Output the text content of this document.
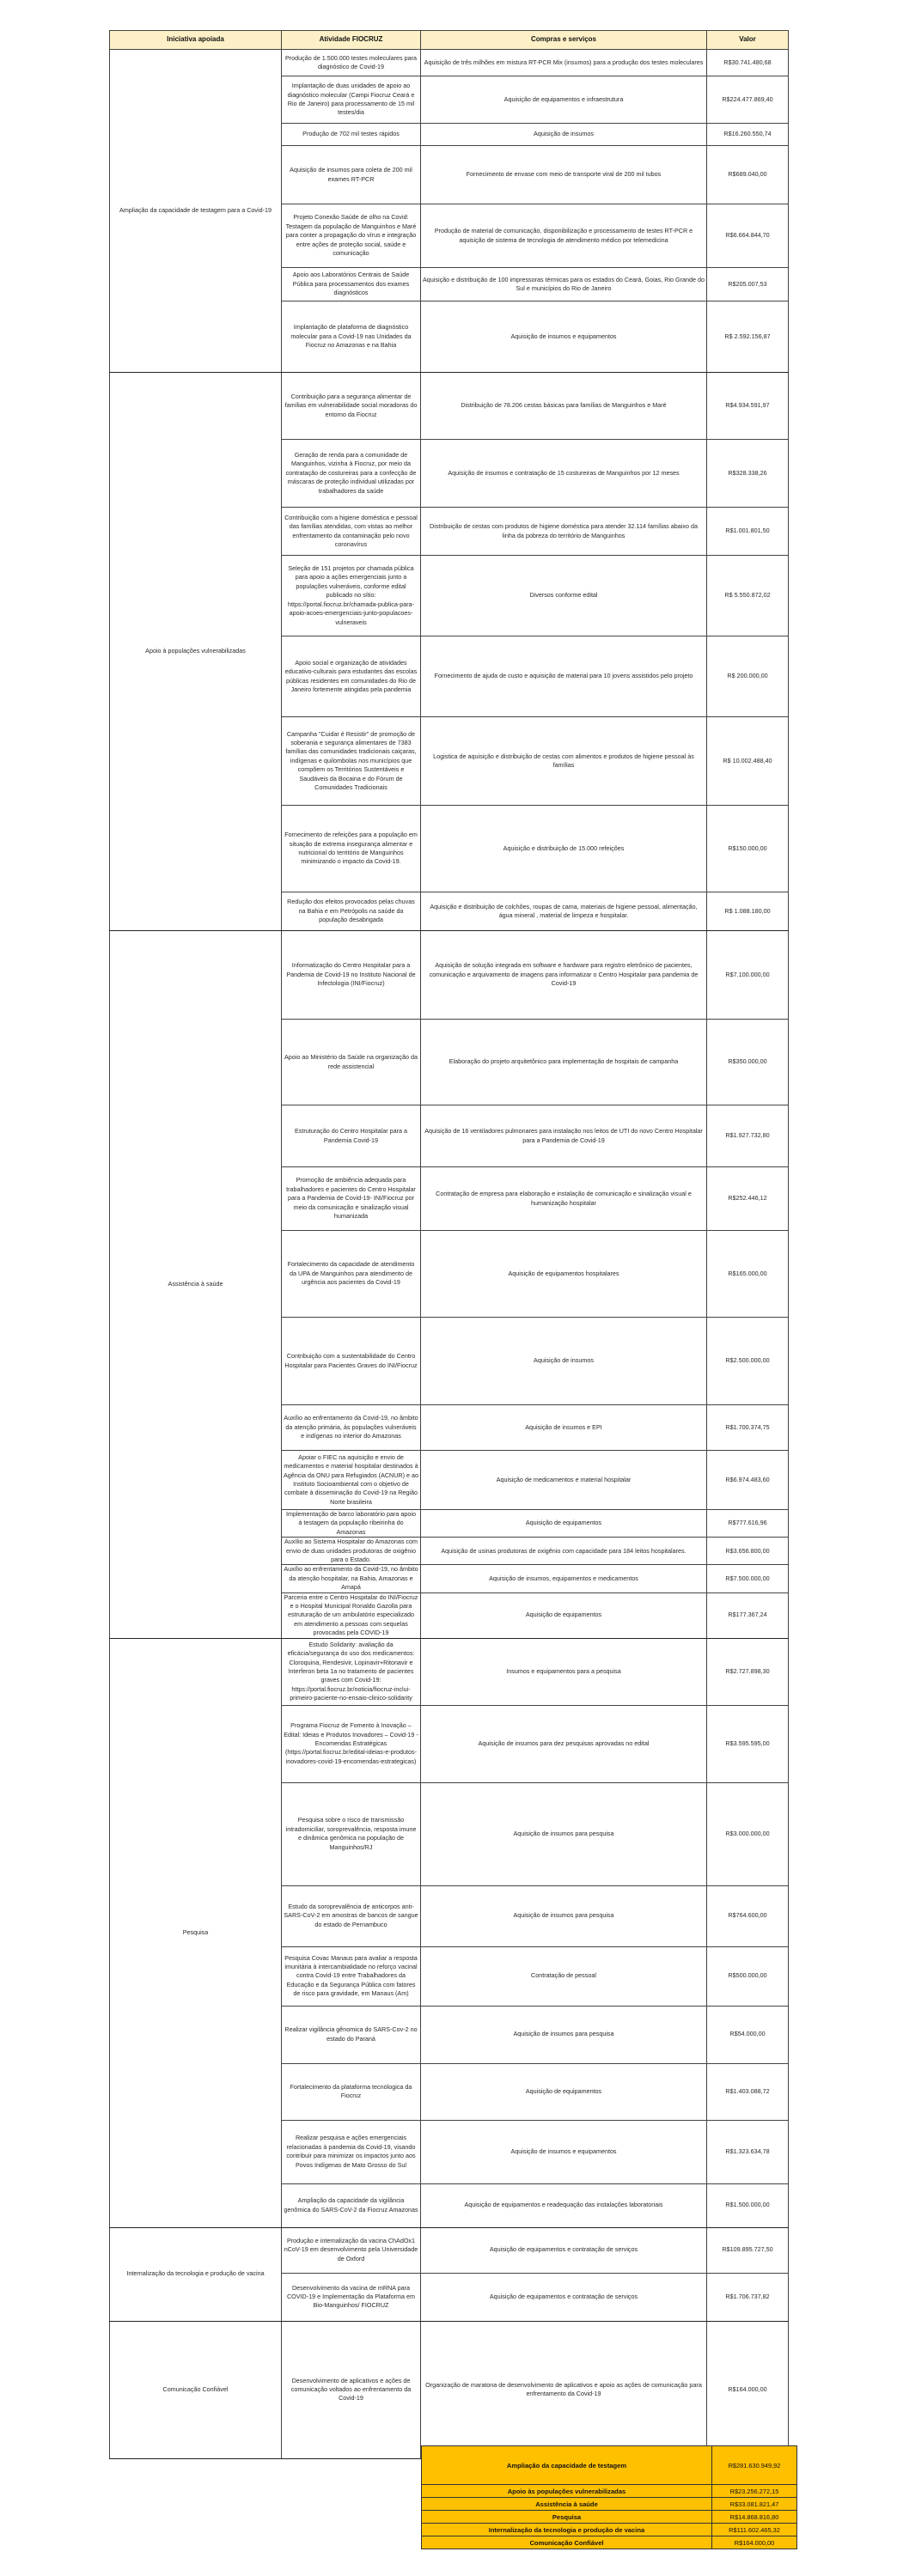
Iniciativa apoiada	Atividade FIOCRUZ	Compras e serviços	Valor
Ampliação da capacidade de testagem para a Covid-19	Produção de 1.500.000 testes moleculares para diagnóstico de Covid-19	Aquisição de três milhões em mistura RT-PCR Mix (insumos) para a produção dos testes moleculares	R$30.741.480,68
	Implantação de duas unidades de apoio ao diagnóstico molecular (Campi Fiocruz Ceará e Rio de Janeiro) para processamento de 15 mil testes/dia	Aquisição de equipamentos e infraestrutura	R$224.477.869,40
	Produção de 702 mil testes rápidos	Aquisição de insumos	R$16.260.550,74
	Aquisição de insumos para coleta de 200 mil exames RT-PCR	Fornecimento de envase com meio de transporte viral de 200 mil tubos	R$689.040,00
	Projeto Conexão Saúde de olho na Covid: Testagem da população de Manguinhos e Maré para conter a propagação do vírus e integração entre ações de proteção social, saúde e comunicação	Produção de material de comunicação, disponibilização e processamento de testes RT-PCR e aquisição de sistema de tecnologia de atendimento médico por telemedicina	R$6.664.844,70
	Apoio aos Laboratórios Centrais de Saúde Pública para processamentos dos exames diagnósticos	Aquisição e distribuição de 100 impressoras térmicas para os estados do Ceará, Goias, Rio Grande do Sul e municípios do Rio de Janeiro	R$205.007,53
	Implantação de plataforma de diagnóstico molecular para a Covid-19 nas Unidades da Fiocruz no Amazonas e na Bahia	Aquisição de insumos e equipamentos	R$ 2.592.156,87
Apoio à populações vulnerabilizadas	Contribuição para a segurança alimentar de famílias em vulnerabilidade social moradoras do entorno da Fiocruz	Distribuição de 78.206 cestas básicas para famílias de Manguinhos e Maré	R$4.934.591,97
	Geração de renda para a comunidade de Manguinhos, vizinha à Fiocruz, por meio da contratação de costureiras para a confecção de máscaras de proteção individual utilizadas por trabalhadores da saúde	Aquisição de insumos e contratação de 15 costureiras de Manguinhos por 12 meses	R$328.338,26
	Contribuição com a higiene doméstica e pessoal das famílias atendidas, com vistas ao melhor enfrentamento da contaminação pelo novo coronavírus	Distribuição de cestas com produtos de higiene doméstica para atender 32.114 famílias abaixo da linha da pobreza do território de Manguinhos	R$1.001.801,50
	Seleção de 151 projetos por chamada pública para apoio a ações emergenciais junto a populações vulneráveis, conforme edital publicado no sítio: https://portal.fiocruz.br/chamada-publica-para-apoio-acoes-emergenciais-junto-populacoes-vulneraveis	Diversos conforme edital	R$ 5.550.872,02
	Apoio social e organização de atividades educativo-culturais para estudantes das escolas públicas residentes em comunidades do Rio de Janeiro fortemente atingidas pela pandemia	Fornecimento de ajuda de custo e aquisição de material para 10 jovens assistidos pelo projeto	R$ 200.000,00
	Campanha "Cuidar é Resistir" de promoção de soberania e segurança alimentares de 7383 famílias das comunidades tradicionais caiçaras, indígenas e quilombolas nos municípios que compõem os Territórios Sustentáveis e Saudáveis da Bocaina e do Fórum de Comunidades Tradicionais	Logistica de aquisição e distribuição de cestas com alimentos e produtos de higiene pessoal às famílias	R$ 10.002.488,40
	Fornecimento de refeições para a população em situação de extrema insegurança alimentar e nutricional do território de Manguinhos minimizando o impacto da Covid-19.	Aquisição e distribuição de 15.000 refeições	R$150.000,00
	Redução dos efeitos provocados pelas chuvas na Bahia e em Petrópolis na saúde da população desabrigada	Aquisição e distribuição de colchões, roupas de cama, materiais de higiene pessoal, alimentação, água mineral , material de limpeza e hospitalar.	R$ 1.088.180,00
Assistência à saúde	Informatização do Centro Hospitalar para a Pandemia de Covid-19 no Instituto Nacional de Infectologia (INI/Fiocruz)	Aquisição de solução integrada em software e hardware para registro eletrônico de pacientes, comunicação e arquivamento de imagens para informatizar o Centro Hospitalar para pandemia de Covid-19	R$7.100.000,00
	Apoio ao Ministério da Saúde na organização da rede assistencial	Elaboração do projeto arquitetônico para implementação de hospitais de campanha	R$350.000,00
	Estruturação do Centro Hospitalar para a Pandemia Covid-19	Aquisição de 16 ventiladores pulmonares para instalação nos leitos de UTI do novo Centro Hospitalar para a Pandemia de Covid-19	R$1.927.732,80
	Promoção de ambiência adequada para trabalhadores e pacientes do Centro Hospitalar para a Pandemia de Covid-19- INI/Fiocruz por meio da comunicação e sinalização visual humanizada	Contratação de empresa para elaboração e instalação de comunicação e sinalização visual e humanização hospitalar	R$252.446,12
	Fortalecimento da capacidade de atendimento da UPA de Manguinhos para atendimento de urgência aos pacientes da Covid-19	Aquisição de equipamentos hospitalares	R$165.000,00
	Contribuição com a sustentabilidade do Centro Hospitalar para Pacientes Graves do INI/Fiocruz	Aquisição de insumos	R$2.500.000,00
	Auxílio ao enfrentamento da Covid-19, no âmbito da atenção primária, às populações vulneráveis e indígenas no interior do Amazonas	Aquisição de insumos e EPI	R$1.700.374,75
	Apoiar o FIEC na aquisição e envio de medicamentos e material hospitalar destinados à Agência da ONU para Refugiados (ACNUR) e ao Instituto Socioambiental com o objetivo de combate à disseminação do Covid-19 na Região Norte brasileira	Aquisição de medicamentos e material hospitalar	R$6.974.483,60
	Implementação de barco laboratório para apoio à testagem da população ribeirinha do Amazonas	Aquisição de equipamentos	R$777.616,96
	Auxílio ao Sistema Hospitalar do Amazonas com envio de duas unidades produtoras de oxigênio para o Estado.	Aquisição de usinas produtoras de oxigênio com capacidade para 184 leitos hospitalares.	R$3.656.800,00
	Auxílio ao enfrentamento da Covid-19, no âmbito da atenção hospitalar, na Bahia, Amazonas e Amapá	Aquisição de insumos, equipamentos e medicamentos	R$7.500.000,00
	Parceria entre o Centro Hospitalar do INI/Fiocruz e o Hospital Municipal Ronaldo Gazolla para estruturação de um ambulatório especializado em atendimento a pessoas com sequelas provocadas pela COVID-19	Aquisição de equipamentos	R$177.367,24
Pesquisa	Estudo Solidarity: avaliação da eficácia/segurança do uso dos medicamentos: Cloroquina, Rendesivir, Lopinavir+Ritonavir e Interferon beta 1a no tratamento de pacientes graves com Covid-19: https://portal.fiocruz.br/noticia/fiocruz-inclui-primeiro-paciente-no-ensaio-clinico-solidarity	Insumos e equipamentos para a pesquisa	R$2.727.898,30
	Programa Fiocruz de Fomento à Inovação – Edital: Ideias e Produtos Inovadores – Covid-19 - Encomendas Estratégicas (https://portal.fiocruz.br/edital-ideias-e-produtos-inovadores-covid-19-encomendas-estrategicas)	Aquisição de insumos para dez pesquisas aprovadas no edital	R$3.595.595,00
	Pesquisa sobre o risco de transmissão intradomiciliar, soroprevalência, resposta imune e dinâmica genômica na população de Manguinhos/RJ	Aquisição de insumos para pesquisa	R$3.000.000,00
	Estudo da soroprevalência de anticorpos anti-SARS-CoV-2 em amostras de bancos de sangue do estado de Pernambuco	Aquisição de insumos para pesquisa	R$764.600,00
	Pesquisa Covac Manaus para avaliar a resposta imunitária à intercambialidade no reforço vacinal contra Covid-19 entre Trabalhadores da Educação e da Segurança Pública com fatores de risco para gravidade, em Manaus (Am)	Contratação de pessoal	R$500.000,00
	Realizar vigilância gênomica do SARS-Cov-2 no estado do Paraná	Aquisição de insumos para pesquisa	R$54.000,00
	Fortalecimento da plataforma tecnólogica da Fiocruz	Aquisição de equipamentos	R$1.403.088,72
	Realizar pesquisa e ações emergenciais relacionadas à pandemia da Covid-19, visando contribuir para minimizar os impactos junto aos Povos Indígenas de Mato Grosso do Sul	Aquisição de insumos e equipamentos	R$1.323.634,78
	Ampliação da capacidade da vigilância genômica do SARS-CoV-2 da Fiocruz Amazonas	Aquisição de equipamentos e readequação das instalações laboratoriais	R$1.500.000,00
Internalização da tecnologia e produção de vacina	Produção e internalização da vacina ChAdOx1 nCoV-19 em desenvolvimento pela Universidade de Oxford	Aquisição de equipamentos e contratação de serviços	R$109.895.727,50
	Desenvolvimento da vacina de mRNA para COVID-19 e Implementação da Plataforma em Bio-Manguinhos/ FIOCRUZ	Aquisição de equipamentos e contratação de serviços	R$1.706.737,82
Comunicação Confiável	Desenvolvimento de aplicativos e ações de comunicação voltados ao enfrentamento da Covid-19	Organização de maratona de desenvolvimento de aplicativos e apoio as ações de comunicação para enfrentamento da Covid-19	R$164.000,00
Ampliação da capacidade de testagem	R$281.630.949,92
Apoio às populações vulnerabilizadas	R$23.256.272,15
Assistência à saúde	R$33.081.821,47
Pesquisa	R$14.868.816,80
Internalização da tecnologia e produção de vacina	R$111.602.465,32
Comunicação Confiável	R$164.000,00
